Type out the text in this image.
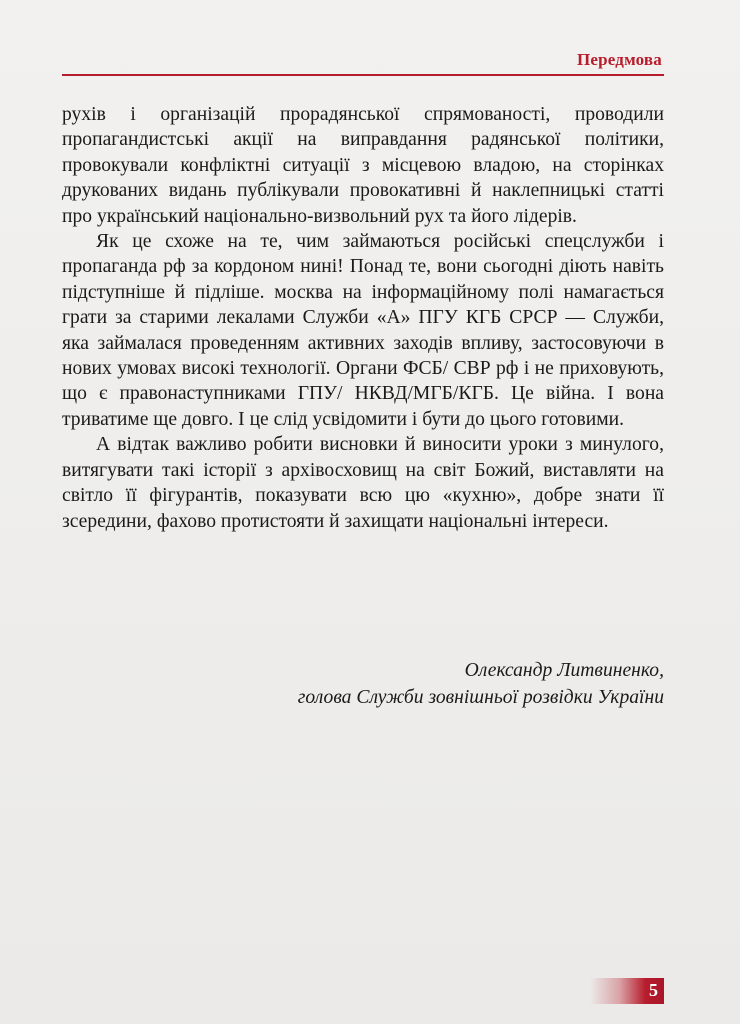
Передмова

рухів і організацій прорадянської спрямованості, проводили пропагандистські акції на виправдання радянської політики, провокували конфліктні ситуації з місцевою владою, на сторінках друкованих видань публікували провокативні й наклепницькі статті про український національно-визвольний рух та його лідерів.

Як це схоже на те, чим займаються російські спецслужби і пропаганда рф за кордоном нині! Понад те, вони сьогодні діють навіть підступніше й підліше. москва на інформаційному полі намагається грати за старими лекалами Служби «А» ПГУ КГБ СРСР — Служби, яка займалася проведенням активних заходів впливу, застосовуючи в нових умовах високі технології. Органи ФСБ/ СВР рф і не приховують, що є правонаступниками ГПУ/ НКВД/МГБ/КГБ. Це війна. І вона триватиме ще довго. І це слід усвідомити і бути до цього готовими.

А відтак важливо робити висновки й виносити уроки з минулого, витягувати такі історії з архівосховищ на світ Божий, виставляти на світло її фігурантів, показувати всю цю «кухню», добре знати її зсередини, фахово протистояти й захищати національні інтереси.

Олександр Литвиненко,
голова Служби зовнішньої розвідки України
5
